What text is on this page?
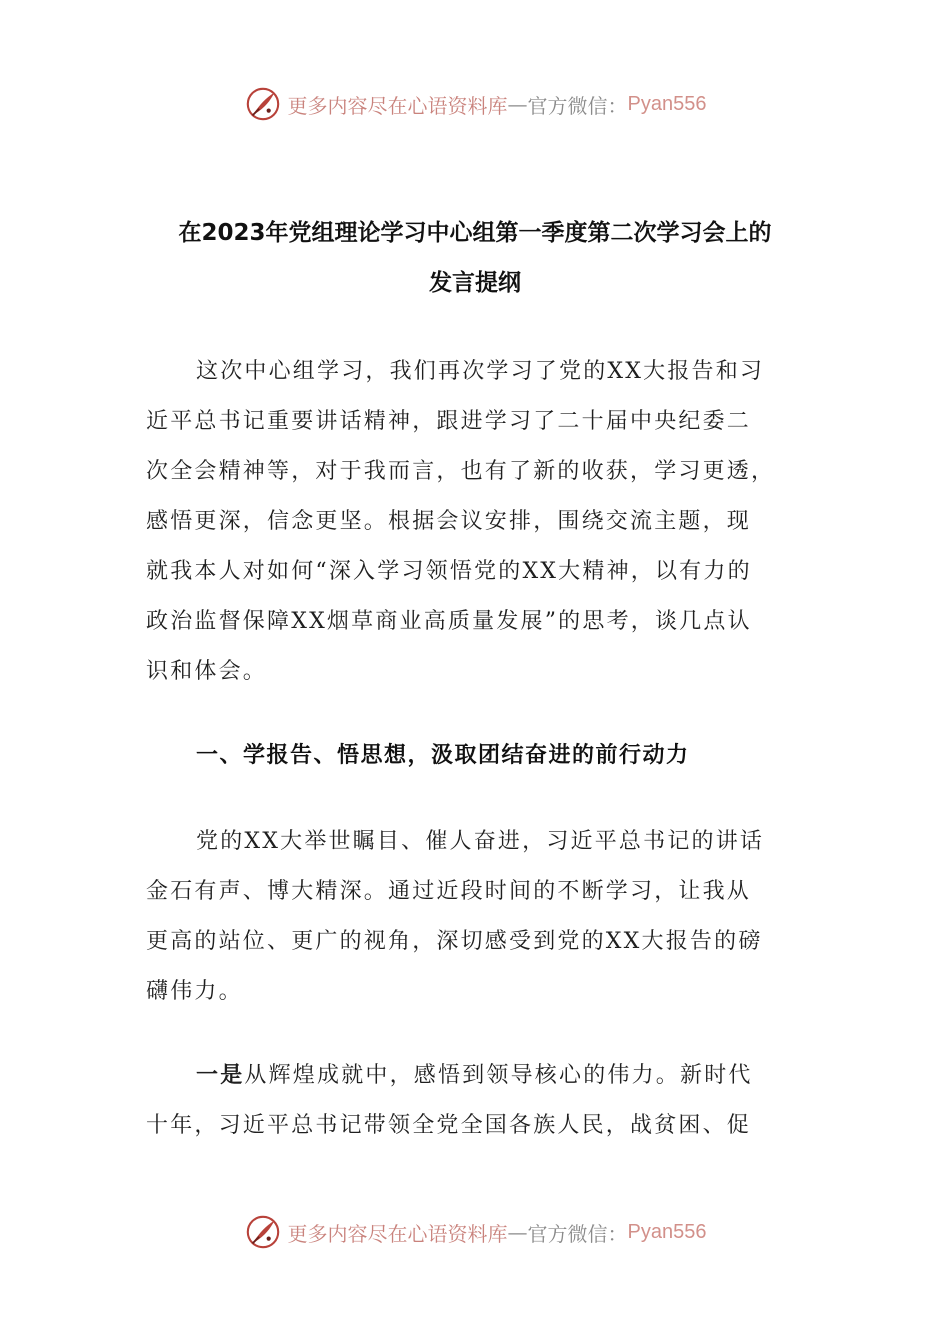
更多内容尽在心语资料库 — 官方微信： Pyan556
在2023年党组理论学习中心组第一季度第二次学习会上的
发言提纲
这次中心组学习，我们再次学习了党的XX大报告和习
近平总书记重要讲话精神，跟进学习了二十届中央纪委二
次全会精神等，对于我而言，也有了新的收获，学习更透，
感悟更深，信念更坚。根据会议安排，围绕交流主题，现
就我本人对如何“深入学习领悟党的XX大精神，以有力的
政治监督保障XX烟草商业高质量发展”的思考，谈几点认
识和体会。
一、学报告、悟思想，汲取团结奋进的前行动力
党的XX大举世瞩目、催人奋进，习近平总书记的讲话
金石有声、博大精深。通过近段时间的不断学习，让我从
更高的站位、更广的视角，深切感受到党的XX大报告的磅
礴伟力。
一是从辉煌成就中，感悟到领导核心的伟力。新时代
十年，习近平总书记带领全党全国各族人民，战贫困、促
更多内容尽在心语资料库 — 官方微信： Pyan556
